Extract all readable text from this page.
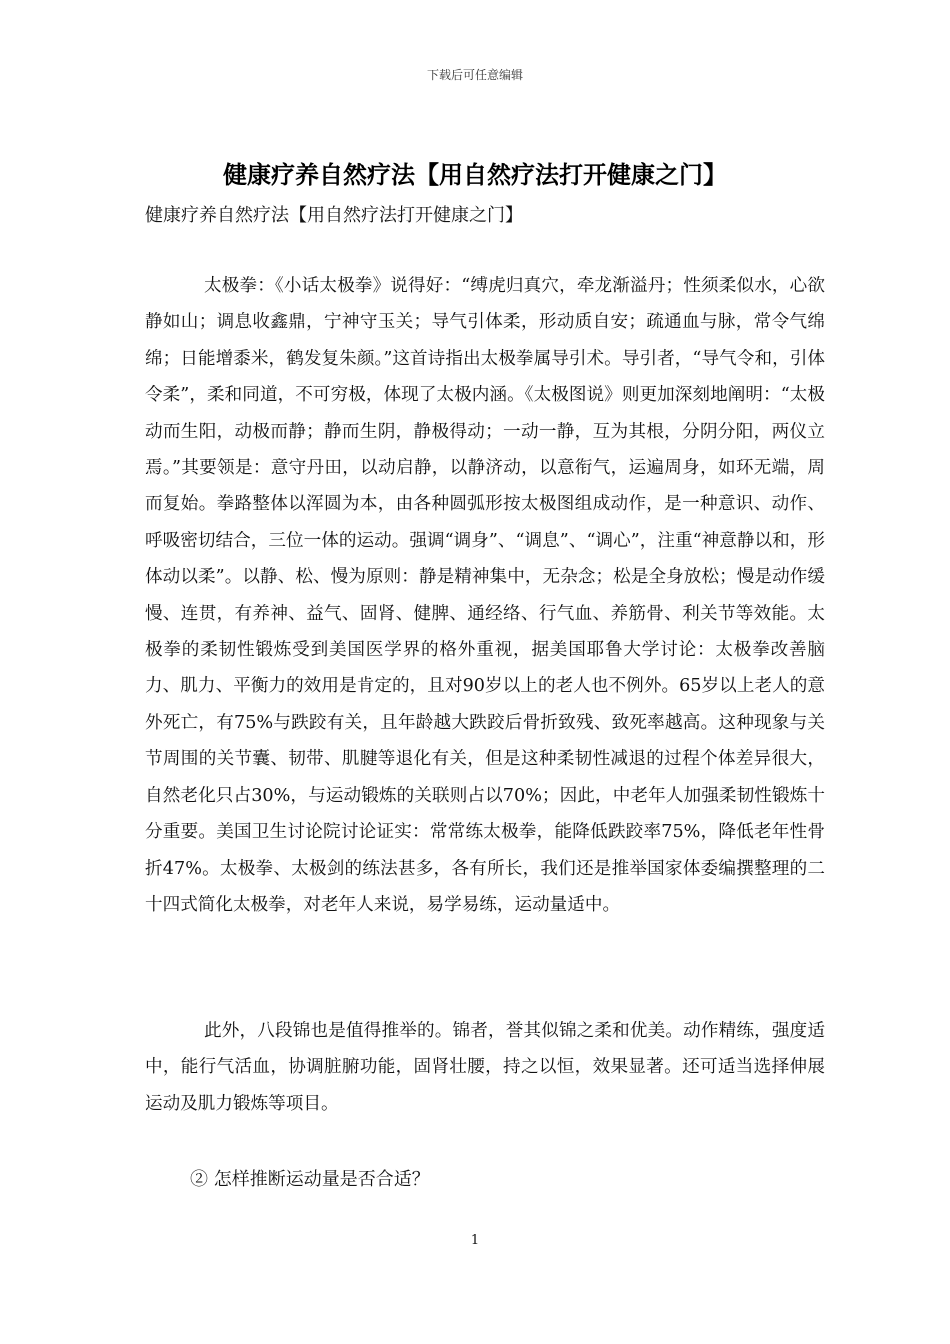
下载后可任意编辑
健康疗养自然疗法【用自然疗法打开健康之门】
健康疗养自然疗法【用自然疗法打开健康之门】
太极拳：《小话太极拳》说得好：“缚虎归真穴，牵龙渐溢丹；性须柔似水，心欲静如山；调息收鑫鼎，宁神守玉关；导气引体柔，形动质自安；疏通血与脉，常令气绵绵；日能增黍米，鹤发复朱颜。”这首诗指出太极拳属导引术。导引者，“导气令和，引体令柔”，柔和同道，不可穷极，体现了太极内涵。《太极图说》则更加深刻地阐明：“太极动而生阳，动极而静；静而生阴，静极得动；一动一静，互为其根，分阴分阳，两仪立焉。”其要领是：意守丹田，以动启静，以静济动，以意衔气，运遍周身，如环无端，周而复始。拳路整体以浑圆为本，由各种圆弧形按太极图组成动作，是一种意识、动作、呼吸密切结合，三位一体的运动。强调“调身”、“调息”、“调心”，注重“神意静以和，形体动以柔”。以静、松、慢为原则：静是精神集中，无杂念；松是全身放松；慢是动作缓慢、连贯，有养神、益气、固肾、健脾、通经络、行气血、养筋骨、利关节等效能。太极拳的柔韧性锻炼受到美国医学界的格外重视，据美国耶鲁大学讨论：太极拳改善脑力、肌力、平衡力的效用是肯定的，且对90岁以上的老人也不例外。65岁以上老人的意外死亡，有75%与跌跤有关，且年龄越大跌跤后骨折致残、致死率越高。这种现象与关节周围的关节囊、韧带、肌腱等退化有关，但是这种柔韧性减退的过程个体差异很大，自然老化只占30%，与运动锻炼的关联则占以70%；因此，中老年人加强柔韧性锻炼十分重要。美国卫生讨论院讨论证实：常常练太极拳，能降低跌跤率75%，降低老年性骨折47%。太极拳、太极剑的练法甚多，各有所长，我们还是推举国家体委编撰整理的二十四式简化太极拳，对老年人来说，易学易练，运动量适中。
此外，八段锦也是值得推举的。锦者，誉其似锦之柔和优美。动作精练，强度适中，能行气活血，协调脏腑功能，固肾壮腰，持之以恒，效果显著。还可适当选择伸展运动及肌力锻炼等项目。
② 怎样推断运动量是否合适？
1
